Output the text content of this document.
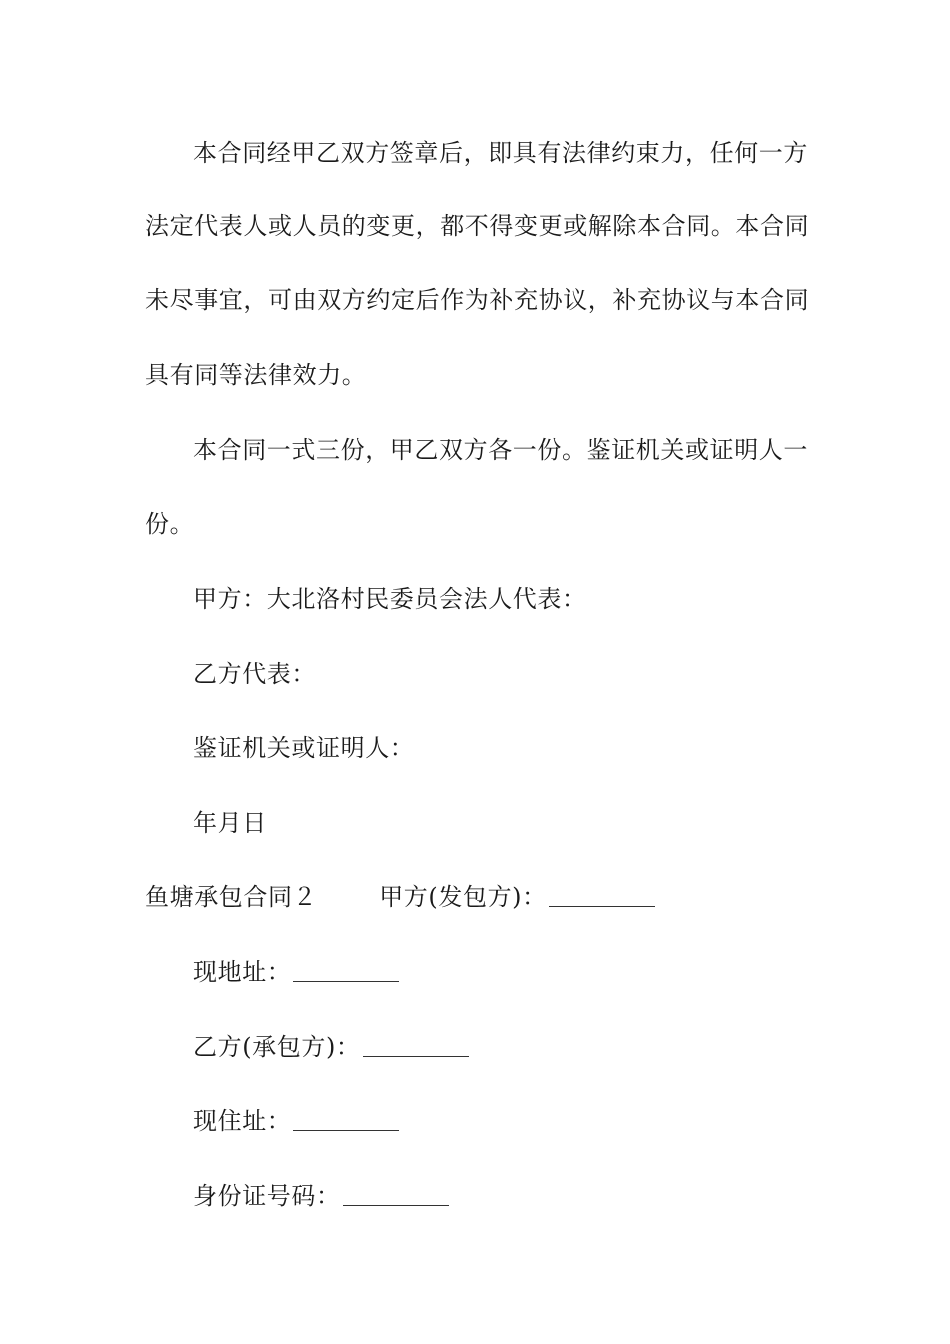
本合同经甲乙双方签章后，即具有法律约束力，任何一方
法定代表人或人员的变更，都不得变更或解除本合同。本合同
未尽事宜，可由双方约定后作为补充协议，补充协议与本合同
具有同等法律效力。
本合同一式三份，甲乙双方各一份。鉴证机关或证明人一
份。
甲方：大北洛村民委员会法人代表：
乙方代表：
鉴证机关或证明人：
年月日
鱼塘承包合同２	甲方(发包方)：
现地址：
乙方(承包方)：
现住址：
身份证号码：
